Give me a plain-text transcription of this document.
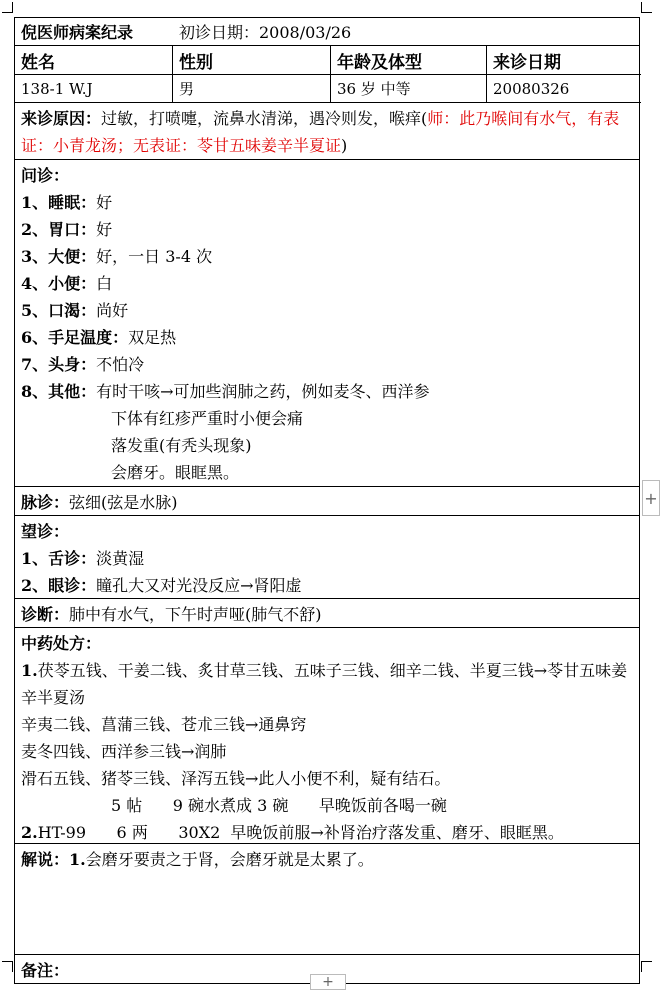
倪医师病案纪录	初诊日期：2008/03/26
姓名	性别	年龄及体型	来诊日期
138-1 W.J	男	36 岁 中等	20080326
来诊原因：过敏，打喷嚏，流鼻水清涕，遇冷则发，喉痒(师：此乃喉间有水气，有表证：小青龙汤；无表证：苓甘五味姜辛半夏证)
问诊：
1、睡眠：好
2、胃口：好
3、大便：好，一日 3-4 次
4、小便：白
5、口渴：尚好
6、手足温度：双足热
7、头身：不怕冷
8、其他：有时干咳→可加些润肺之药，例如麦冬、西洋参
下体有红疹严重时小便会痛
落发重(有秃头现象)
会磨牙。眼眶黑。
脉诊：弦细(弦是水脉)
望诊：
1、舌诊：淡黄湿
2、眼诊：瞳孔大又对光没反应→肾阳虚
诊断：肺中有水气，下午时声哑(肺气不舒)
中药处方：
1.茯苓五钱、干姜二钱、炙甘草三钱、五味子三钱、细辛二钱、半夏三钱→苓甘五味姜辛半夏汤
辛夷二钱、菖蒲三钱、苍朮三钱→通鼻窍
麦冬四钱、西洋参三钱→润肺
滑石五钱、猪苓三钱、泽泻五钱→此人小便不利，疑有结石。
5 帖      9 碗水煮成 3 碗      早晚饭前各喝一碗
2.HT-99      6 两      30X2  早晚饭前服→补肾治疗落发重、磨牙、眼眶黑。
解说：1.会磨牙要责之于肾，会磨牙就是太累了。
备注：
+
+
